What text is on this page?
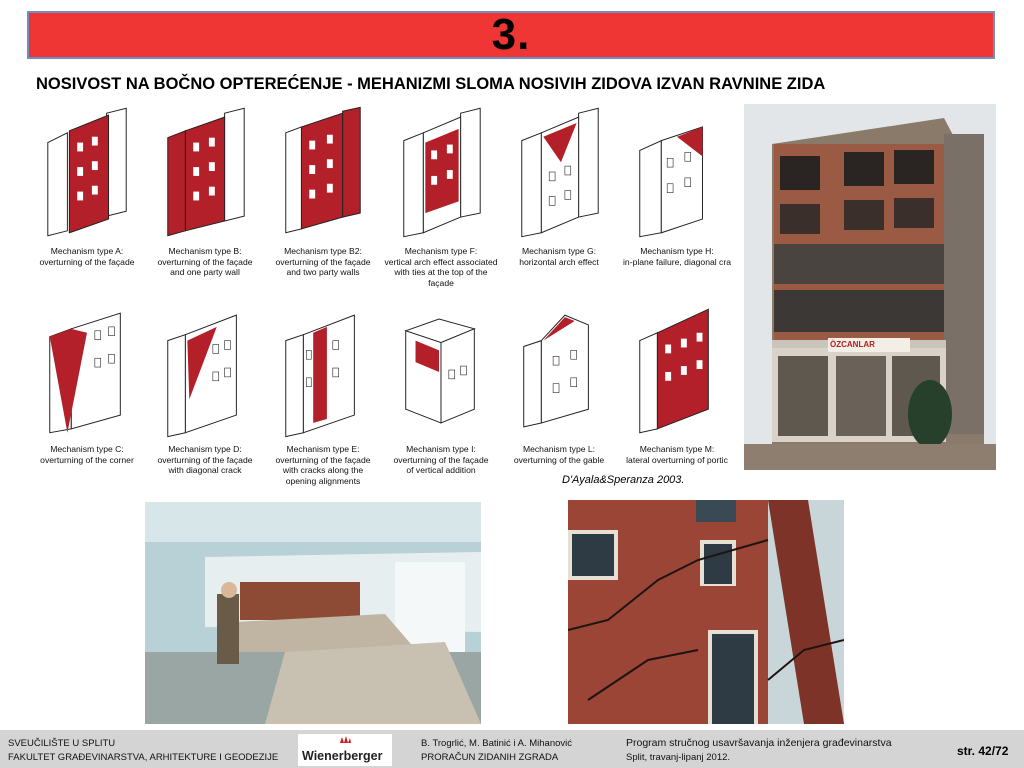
3.
NOSIVOST NA BOČNO OPTEREĆENJE - MEHANIZMI SLOMA NOSIVIH ZIDOVA IZVAN RAVNINE ZIDA
Mechanism type A:
overturning of the façade
Mechanism type B:
overturning of the façade
and one party wall
Mechanism type B2:
overturning of the façade
and two party walls
Mechanism type F:
vertical arch effect associated
with ties at the top of the façade
Mechanism type G:
horizontal arch effect
Mechanism type H:
in-plane failure, diagonal cra
Mechanism type C:
overturning of the corner
Mechanism type D:
overturning of the façade
with diagonal crack
Mechanism type E:
overturning of the façade
with cracks along the
opening alignments
Mechanism type I:
overturning of the façade
of vertical addition
Mechanism type L:
overturning of the gable
Mechanism type M:
lateral overturning of portic
D'Ayala&Speranza 2003.
ÖZCANLAR
SVEUČILIŠTE U SPLITU
FAKULTET GRAĐEVINARSTVA, ARHITEKTURE I GEODEZIJE Wienerberger
B. Trogrlić, M. Batinić i A. Mihanović
PRORAČUN ZIDANIH ZGRADA
Program stručnog usavršavanja inženjera građevinarstva
Split, travanj-lipanj 2012.	str. 42/72
